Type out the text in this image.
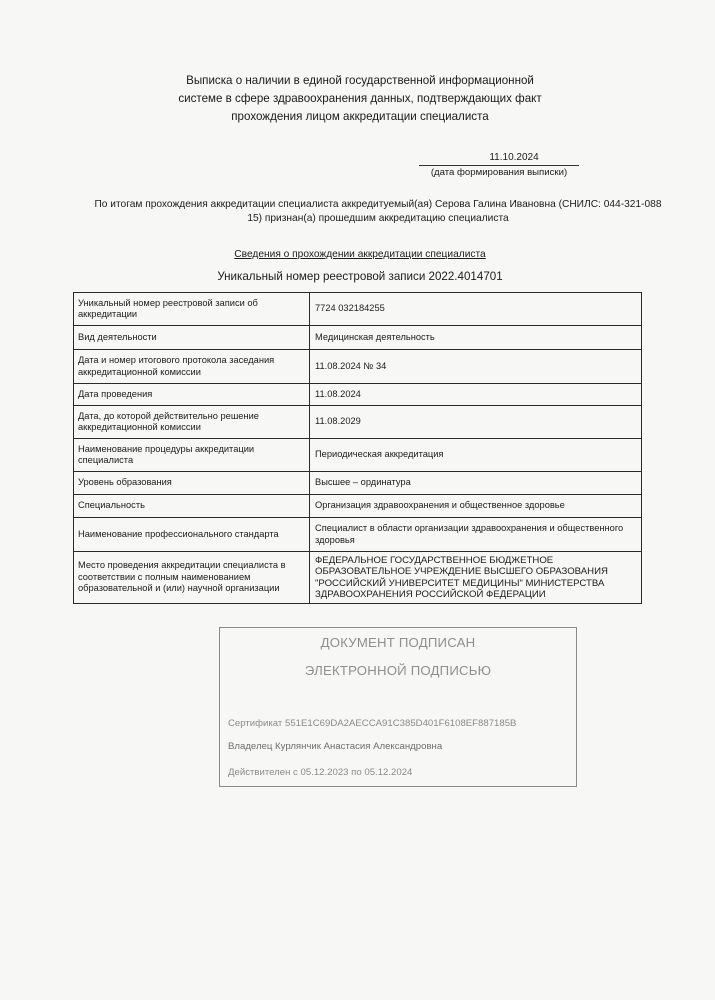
Выписка о наличии в единой государственной информационной
системе в сфере здравоохранения данных, подтверждающих факт
прохождения лицом аккредитации специалиста
11.10.2024
(дата формирования выписки)
По итогам прохождения аккредитации специалиста аккредитуемый(ая) Серова Галина Ивановна (СНИЛС: 044-321-088
15) признан(а) прошедшим аккредитацию специалиста
Сведения о прохождении аккредитации специалиста
Уникальный номер реестровой записи 2022.4014701
Уникальный номер реестровой записи об аккредитации	7724 032184255
Вид деятельности	Медицинская деятельность
Дата и номер итогового протокола заседания аккредитационной комиссии	11.08.2024 № 34
Дата проведения	11.08.2024
Дата, до которой действительно решение аккредитационной комиссии	11.08.2029
Наименование процедуры аккредитации специалиста	Периодическая аккредитация
Уровень образования	Высшее – ординатура
Специальность	Организация здравоохранения и общественное здоровье
Наименование профессионального стандарта	Специалист в области организации здравоохранения и общественного здоровья
Место проведения аккредитации специалиста в соответствии с полным наименованием образовательной и (или) научной организации	ФЕДЕРАЛЬНОЕ ГОСУДАРСТВЕННОЕ БЮДЖЕТНОЕ ОБРАЗОВАТЕЛЬНОЕ УЧРЕЖДЕНИЕ ВЫСШЕГО ОБРАЗОВАНИЯ "РОССИЙСКИЙ УНИВЕРСИТЕТ МЕДИЦИНЫ" МИНИСТЕРСТВА ЗДРАВООХРАНЕНИЯ РОССИЙСКОЙ ФЕДЕРАЦИИ
ДОКУМЕНТ ПОДПИСАН
ЭЛЕКТРОННОЙ ПОДПИСЬЮ
Сертификат 551E1C69DA2AECCA91C385D401F6108EF887185B
Владелец Курлянчик Анастасия Александровна
Действителен с 05.12.2023 по 05.12.2024
